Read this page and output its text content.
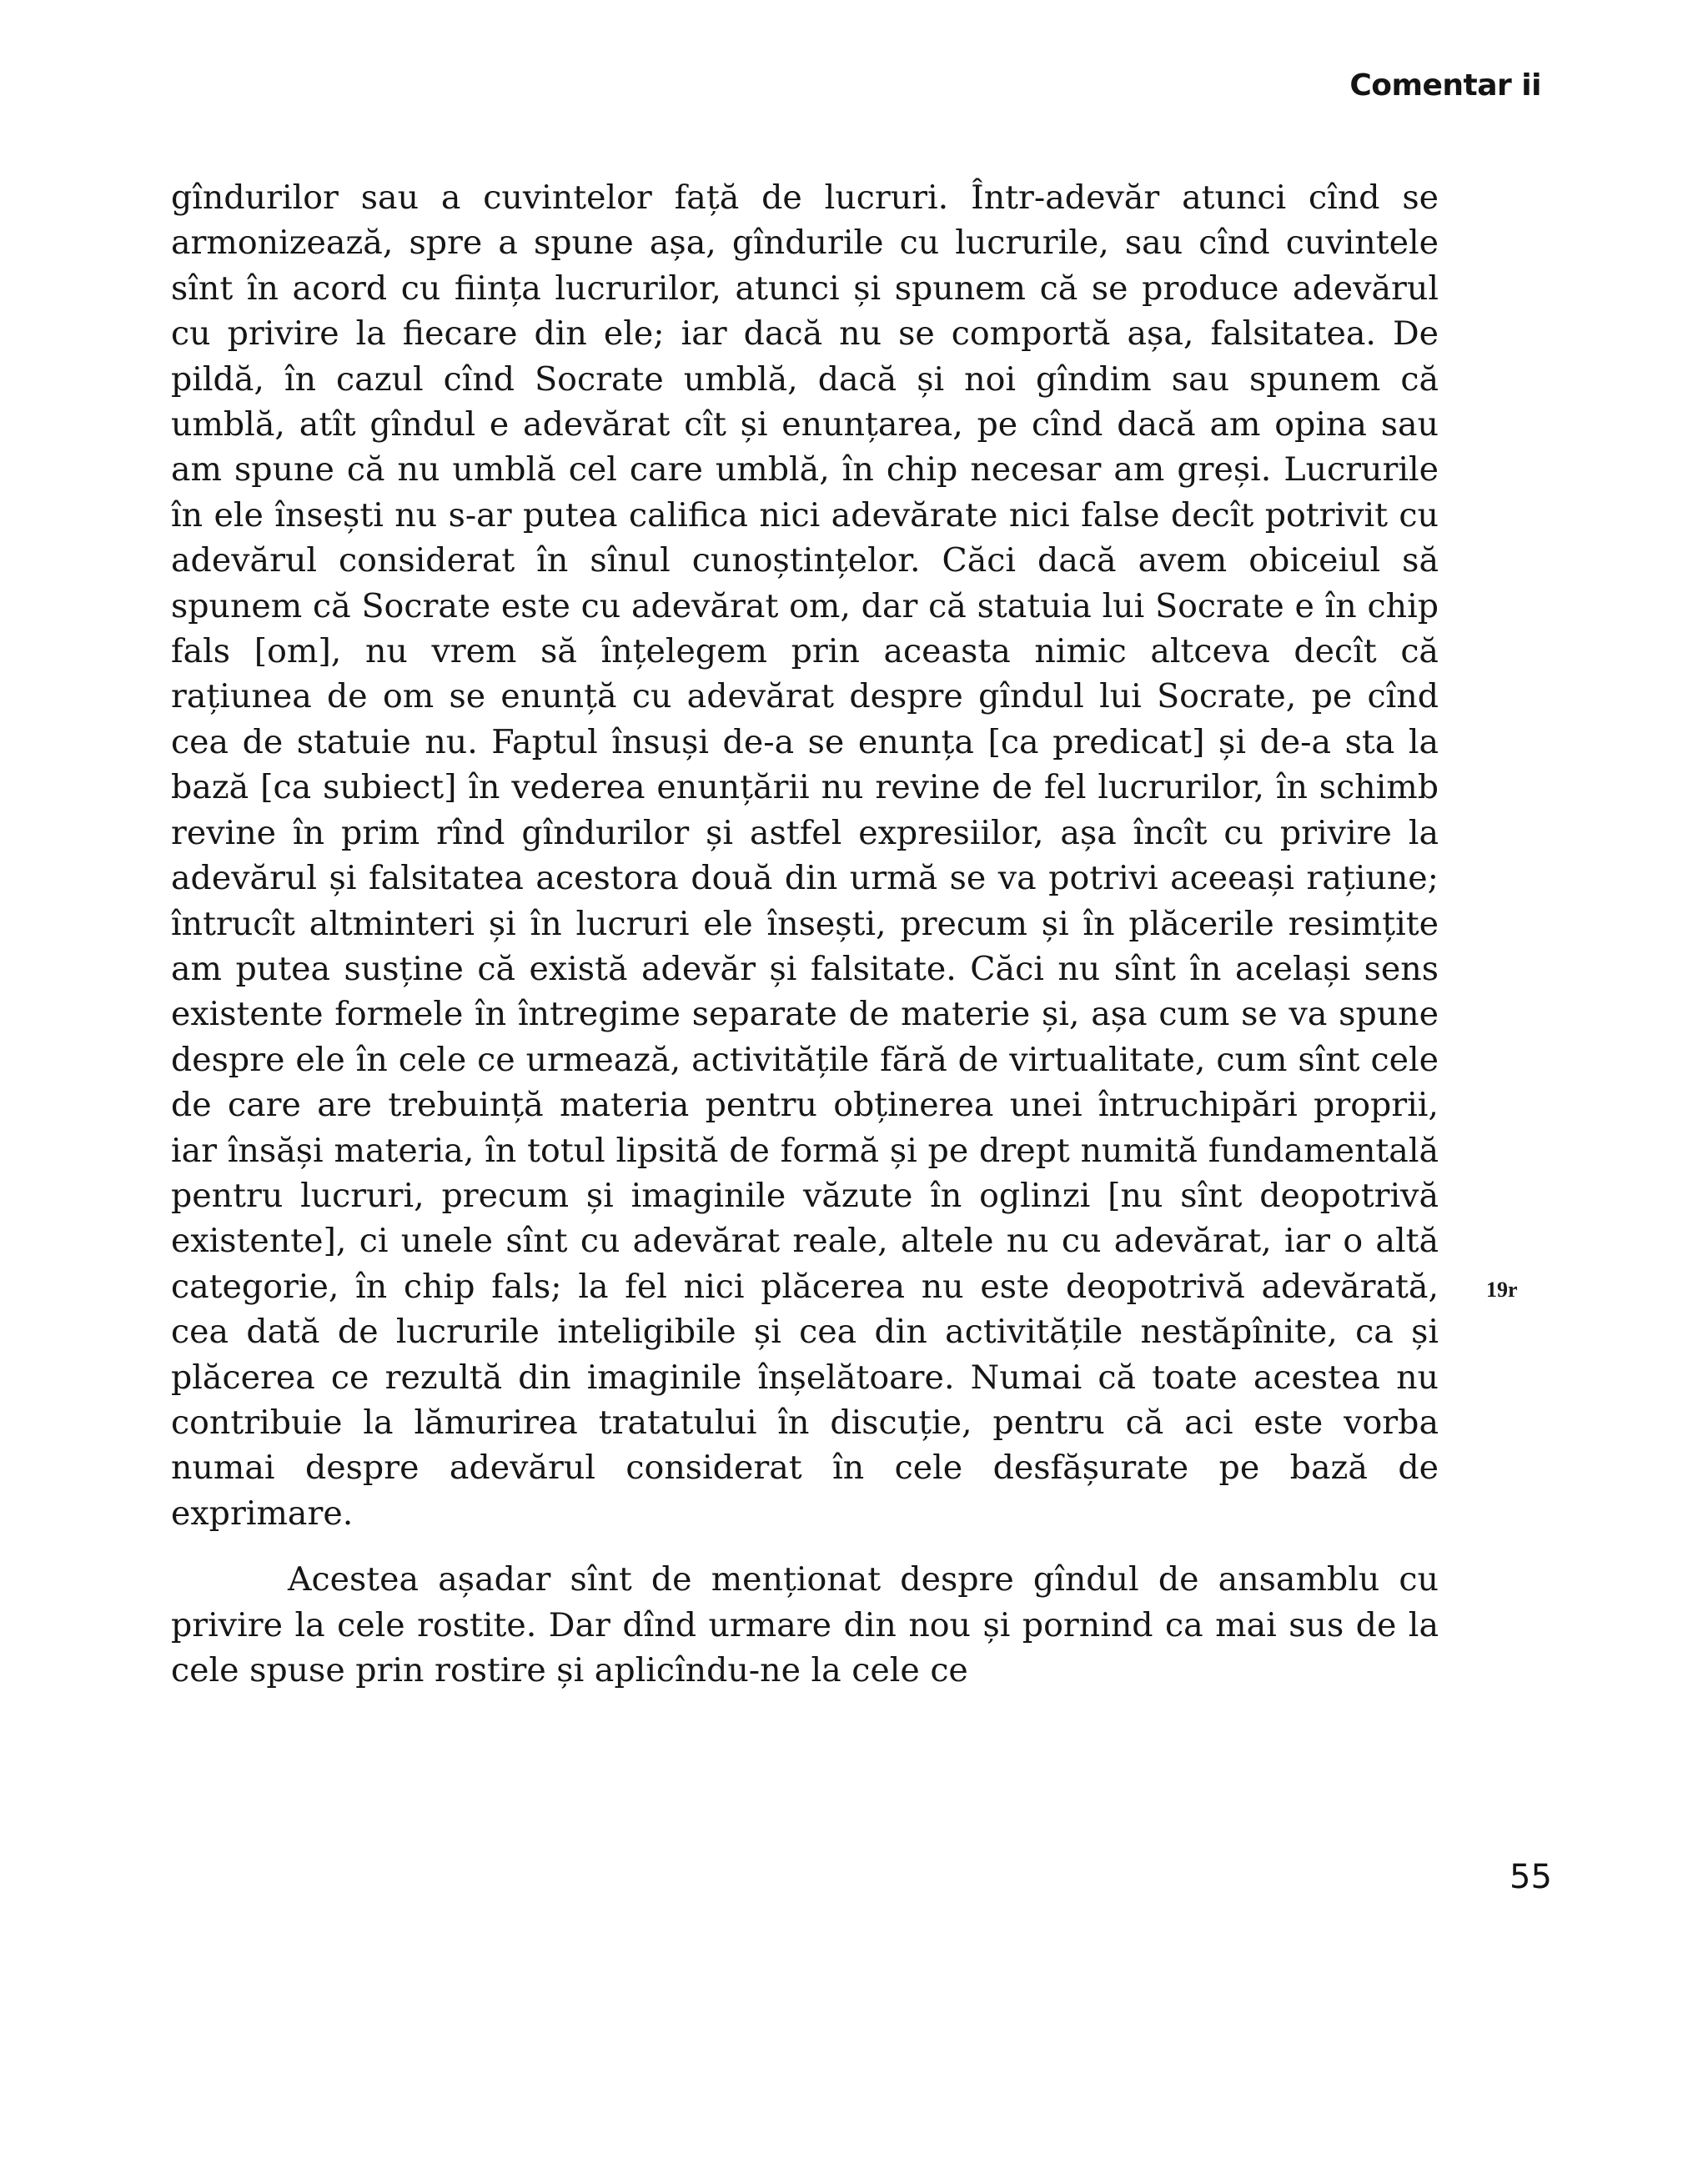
Comentar ii

gîndurilor sau a cuvintelor față de lucruri. Într-adevăr atunci cînd se armonizează, spre a spune așa, gîndurile cu lucrurile, sau cînd cuvintele sînt în acord cu ființa lucrurilor, atunci și spunem că se produce adevărul cu privire la fiecare din ele; iar dacă nu se comportă așa, falsitatea. De pildă, în cazul cînd Socrate umblă, dacă și noi gîndim sau spunem că umblă, atît gîndul e adevărat cît și enunțarea, pe cînd dacă am opina sau am spune că nu umblă cel care umblă, în chip necesar am greși. Lucrurile în ele însești nu s-ar putea califica nici adevărate nici false decît potrivit cu adevărul considerat în sînul cunoștințelor. Căci dacă avem obiceiul să spunem că Socrate este cu adevărat om, dar că statuia lui Socrate e în chip fals [om], nu vrem să înțelegem prin aceasta nimic altceva decît că rațiunea de om se enunță cu adevărat despre gîndul lui Socrate, pe cînd cea de statuie nu. Faptul însuși de-a se enunța [ca predicat] și de-a sta la bază [ca subiect] în vederea enunțării nu revine de fel lucrurilor, în schimb revine în prim rînd gîndurilor și astfel expresiilor, așa încît cu privire la adevărul și falsitatea acestora două din urmă se va potrivi aceeași rațiune; întrucît altminteri și în lucruri ele însești, precum și în plăcerile resimțite am putea susține că există adevăr și falsitate. Căci nu sînt în același sens existente formele în întregime separate de materie și, așa cum se va spune despre ele în cele ce urmează, activitățile fără de virtualitate, cum sînt cele de care are trebuință materia pentru obținerea unei întruchipări proprii, iar însăși materia, în totul lipsită de formă și pe drept numită fundamentală pentru lucruri, precum și imaginile văzute în oglinzi [nu sînt deopotrivă existente], ci unele sînt cu adevărat reale, altele nu cu adevărat, iar o altă categorie, în chip fals; la fel nici plăcerea nu este deopotrivă adevărată, cea dată de lucrurile inteligibile și cea din activitățile nestăpînite, ca și plăcerea ce rezultă din imaginile înșelătoare. Numai că toate acestea nu contribuie la lămurirea tratatului în discuție, pentru că aci este vorba numai despre adevărul considerat în cele desfășurate pe bază de exprimare.

Acestea așadar sînt de menționat despre gîndul de ansamblu cu privire la cele rostite. Dar dînd urmare din nou și pornind ca mai sus de la cele spuse prin rostire și aplicîndu-ne la cele ce

19r
55
